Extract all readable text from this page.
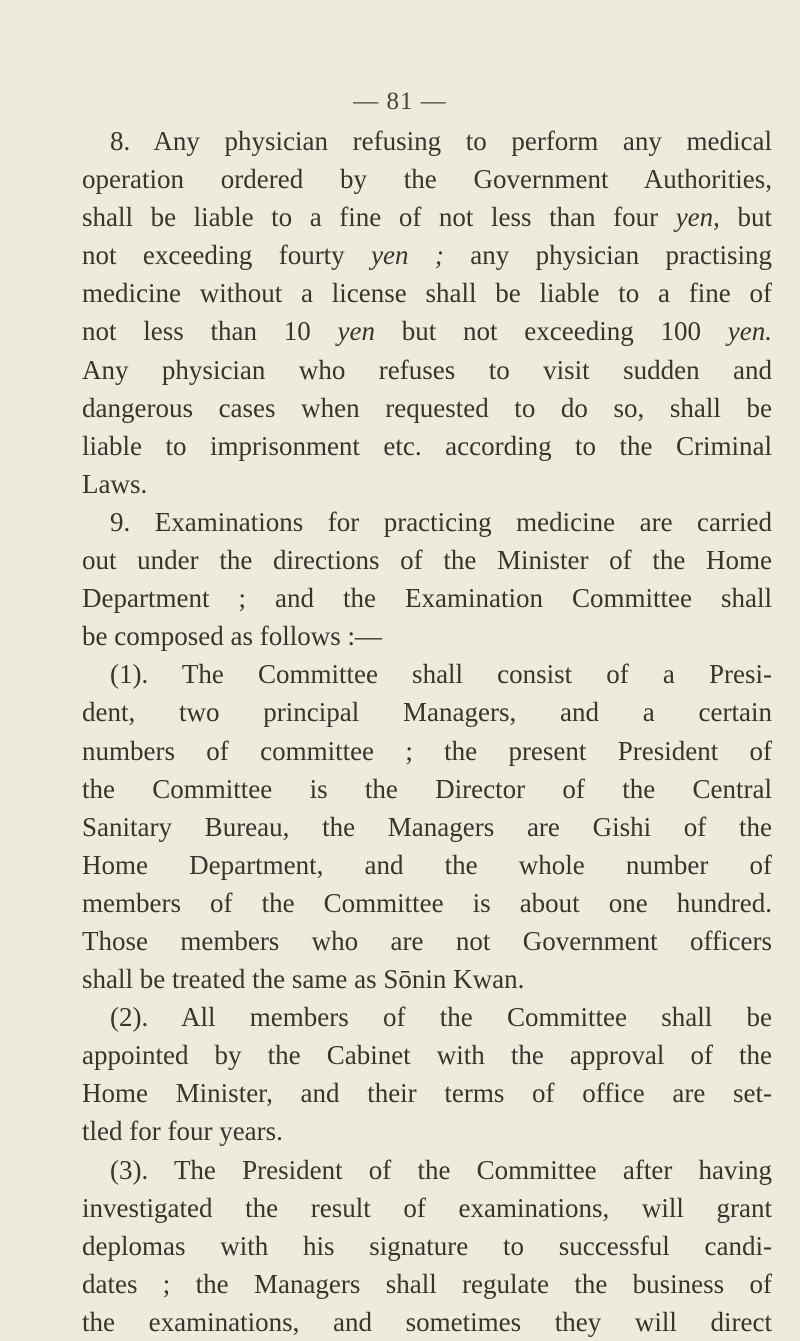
— 81 —
8. Any physician refusing to perform any medical
operation ordered by the Government Authorities,
shall be liable to a fine of not less than four yen, but
not exceeding fourty yen ; any physician practising
medicine without a license shall be liable to a fine of
not less than 10 yen but not exceeding 100 yen.
Any physician who refuses to visit sudden and
dangerous cases when requested to do so, shall be
liable to imprisonment etc. according to the Criminal
Laws.
9. Examinations for practicing medicine are carried
out under the directions of the Minister of the Home
Department ; and the Examination Committee shall
be composed as follows :—
(1). The Committee shall consist of a Presi-
dent, two principal Managers, and a certain
numbers of committee ; the present President of
the Committee is the Director of the Central
Sanitary Bureau, the Managers are Gishi of the
Home Department, and the whole number of
members of the Committee is about one hundred.
Those members who are not Government officers
shall be treated the same as Sōnin Kwan.
(2). All members of the Committee shall be
appointed by the Cabinet with the approval of the
Home Minister, and their terms of office are set-
tled for four years.
(3). The President of the Committee after having
investigated the result of examinations, will grant
deplomas with his signature to successful candi-
dates ; the Managers shall regulate the business of
the examinations, and sometimes they will direct
